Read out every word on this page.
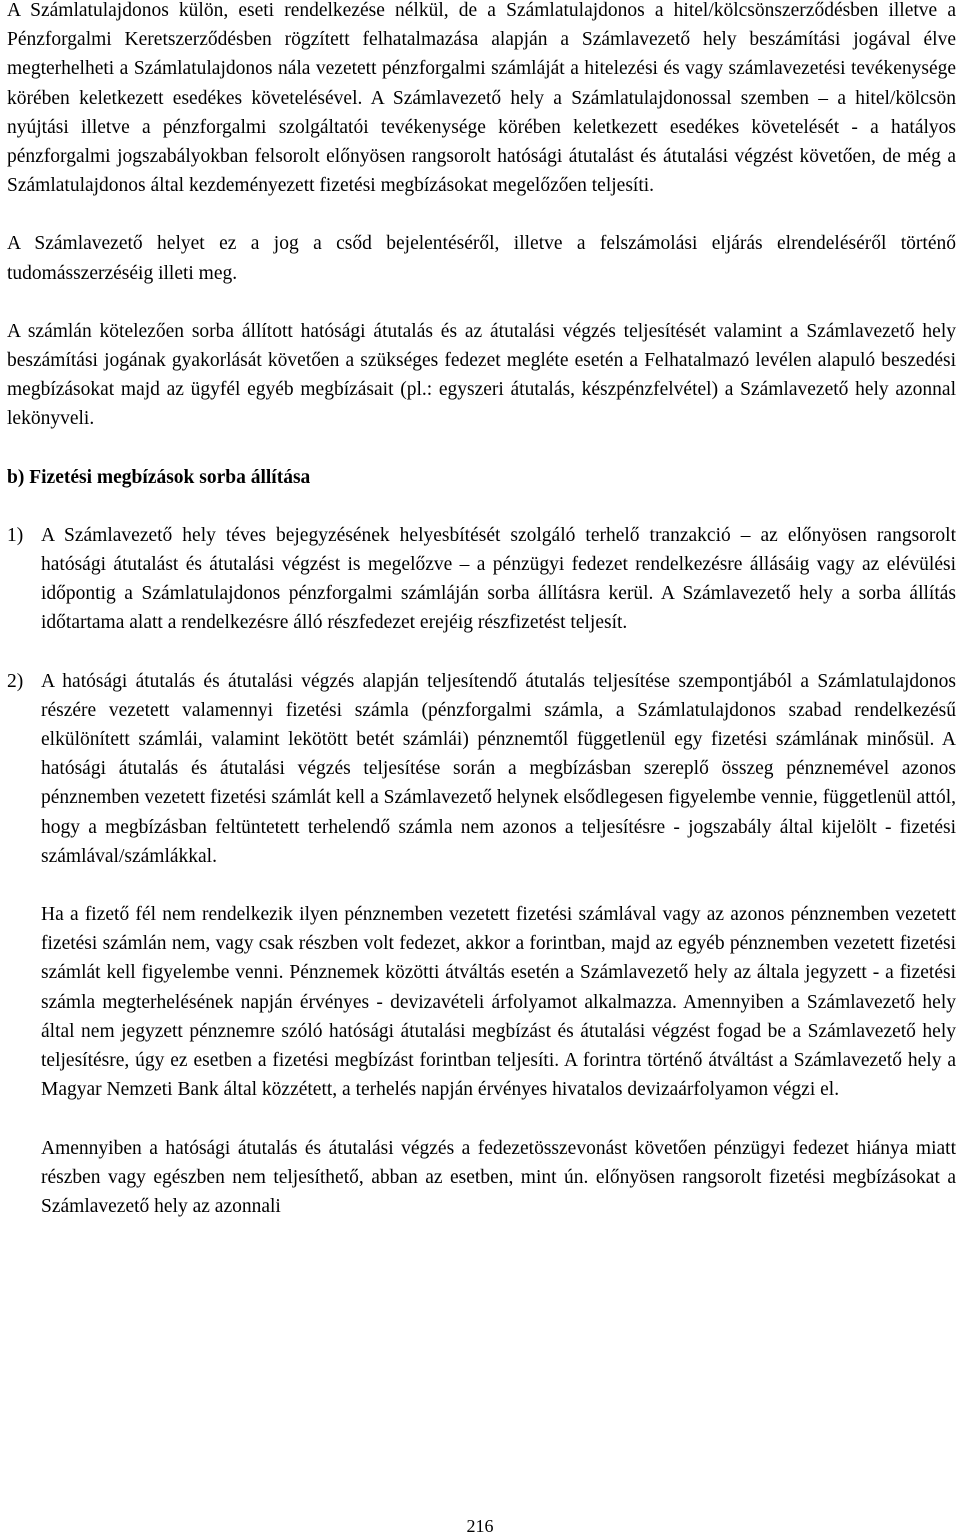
A Számlatulajdonos külön, eseti rendelkezése nélkül, de a Számlatulajdonos a hitel/kölcsönszerződésben illetve a Pénzforgalmi Keretszerződésben rögzített felhatalmazása alapján a Számlavezető hely beszámítási jogával élve megterhelheti a Számlatulajdonos nála vezetett pénzforgalmi számláját a hitelezési és vagy számlavezetési tevékenysége körében keletkezett esedékes követelésével. A Számlavezető hely a Számlatulajdonossal szemben – a hitel/kölcsön nyújtási illetve a pénzforgalmi szolgáltatói tevékenysége körében keletkezett esedékes követelését - a hatályos pénzforgalmi jogszabályokban felsorolt előnyösen rangsorolt hatósági átutalást és átutalási végzést követően, de még a Számlatulajdonos által kezdeményezett fizetési megbízásokat megelőzően teljesíti.

A Számlavezető helyet ez a jog a csőd bejelentéséről, illetve a felszámolási eljárás elrendeléséről történő tudomásszerzéséig illeti meg.

A számlán kötelezően sorba állított hatósági átutalás és az átutalási végzés teljesítését valamint a Számlavezető hely beszámítási jogának gyakorlását követően a szükséges fedezet megléte esetén a Felhatalmazó levélen alapuló beszedési megbízásokat majd az ügyfél egyéb megbízásait (pl.: egyszeri átutalás, készpénzfelvétel) a Számlavezető hely azonnal lekönyveli.

b) Fizetési megbízások sorba állítása

1) A Számlavezető hely téves bejegyzésének helyesbítését szolgáló terhelő tranzakció – az előnyösen rangsorolt hatósági átutalást és átutalási végzést is megelőzve – a pénzügyi fedezet rendelkezésre állásáig vagy az elévülési időpontig a Számlatulajdonos pénzforgalmi számláján sorba állításra kerül. A Számlavezető hely a sorba állítás időtartama alatt a rendelkezésre álló részfedezet erejéig részfizetést teljesít.

2) A hatósági átutalás és átutalási végzés alapján teljesítendő átutalás teljesítése szempontjából a Számlatulajdonos részére vezetett valamennyi fizetési számla (pénzforgalmi számla, a Számlatulajdonos szabad rendelkezésű elkülönített számlái, valamint lekötött betét számlái) pénznemtől függetlenül egy fizetési számlának minősül. A hatósági átutalás és átutalási végzés teljesítése során a megbízásban szereplő összeg pénznemével azonos pénznemben vezetett fizetési számlát kell a Számlavezető helynek elsődlegesen figyelembe vennie, függetlenül attól, hogy a megbízásban feltüntetett terhelendő számla nem azonos a teljesítésre - jogszabály által kijelölt - fizetési számlával/számlákkal.

Ha a fizető fél nem rendelkezik ilyen pénznemben vezetett fizetési számlával vagy az azonos pénznemben vezetett fizetési számlán nem, vagy csak részben volt fedezet, akkor a forintban, majd az egyéb pénznemben vezetett fizetési számlát kell figyelembe venni. Pénznemek közötti átváltás esetén a Számlavezető hely az általa jegyzett - a fizetési számla megterhelésének napján érvényes - devizavételi árfolyamot alkalmazza. Amennyiben a Számlavezető hely által nem jegyzett pénznemre szóló hatósági átutalási megbízást és átutalási végzést fogad be a Számlavezető hely teljesítésre, úgy ez esetben a fizetési megbízást forintban teljesíti. A forintra történő átváltást a Számlavezető hely a Magyar Nemzeti Bank által közzétett, a terhelés napján érvényes hivatalos devizaárfolyamon végzi el.

Amennyiben a hatósági átutalás és átutalási végzés a fedezetösszevonást követően pénzügyi fedezet hiánya miatt részben vagy egészben nem teljesíthető, abban az esetben, mint ún. előnyösen rangsorolt fizetési megbízásokat a Számlavezető hely az azonnali

216
